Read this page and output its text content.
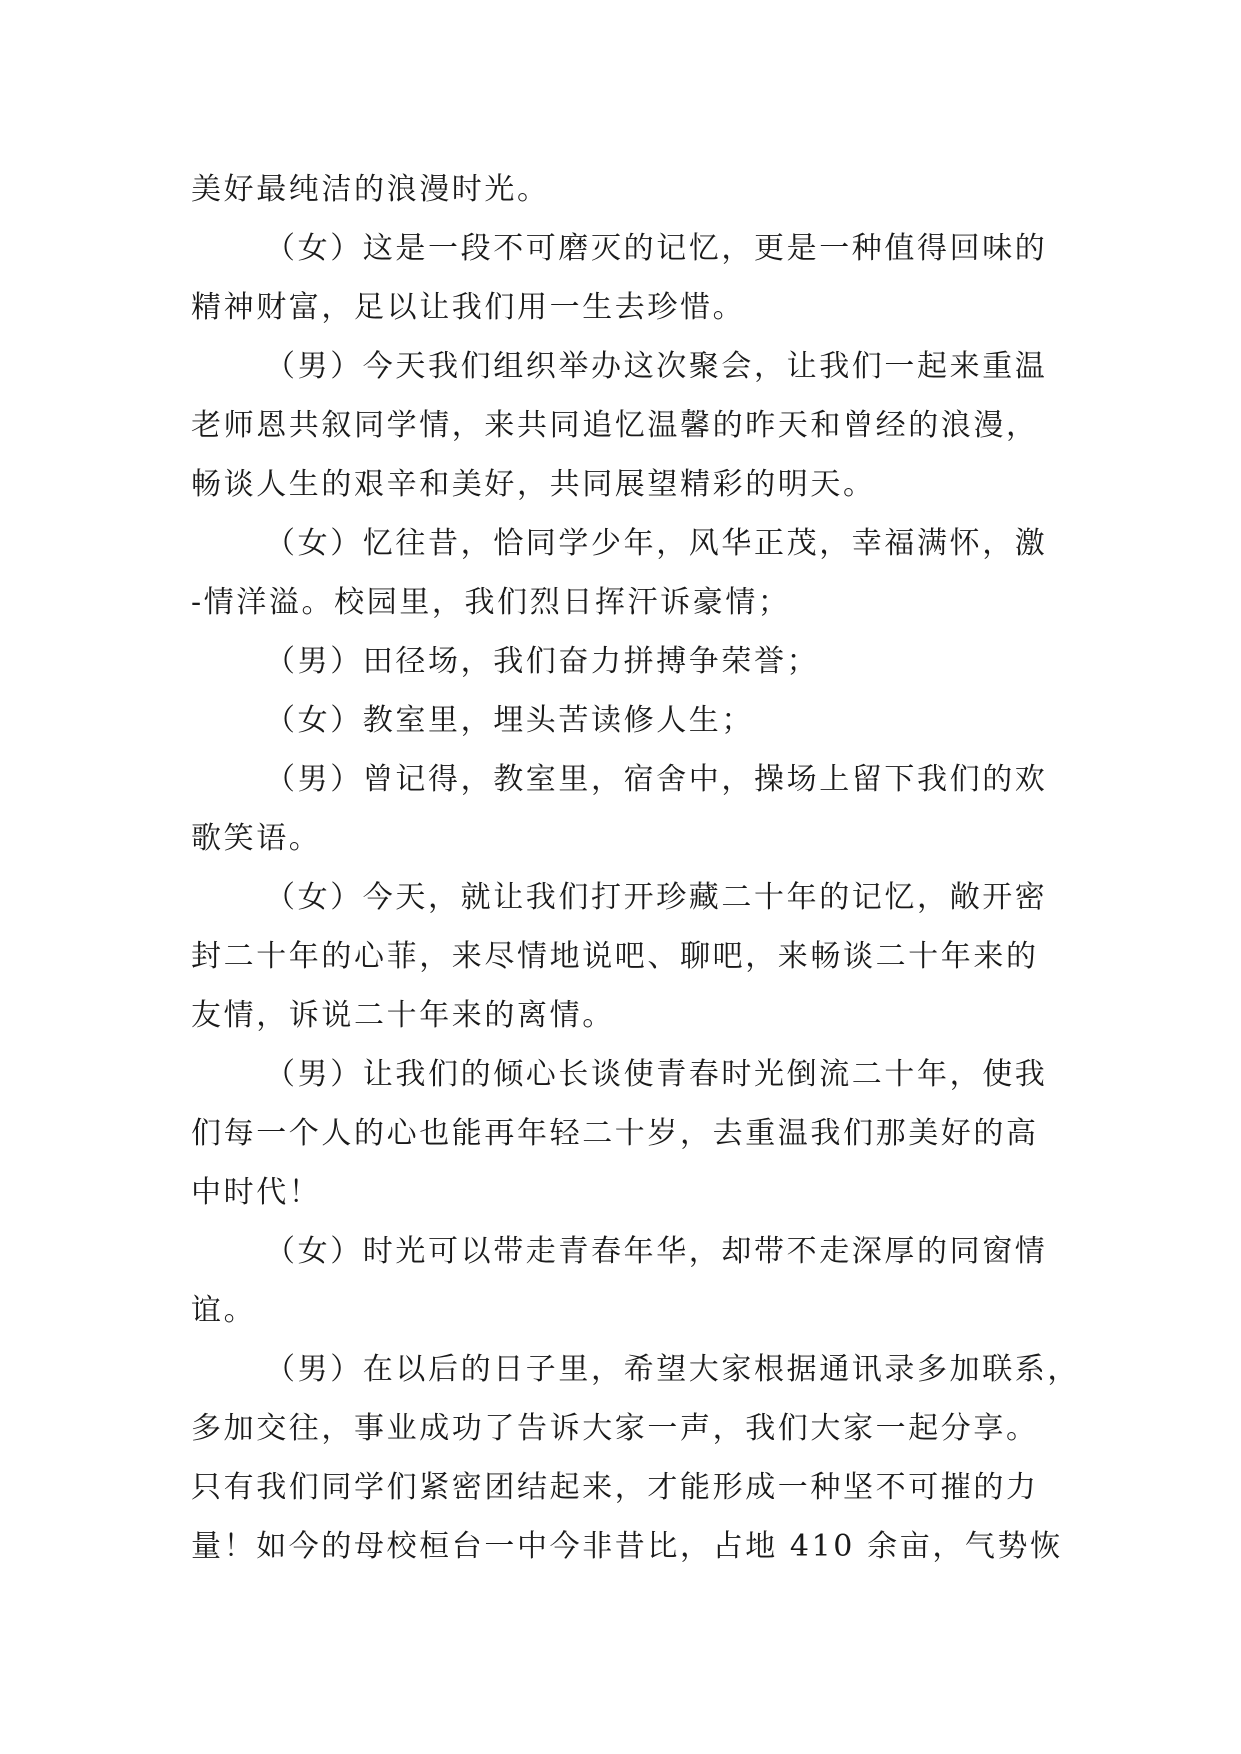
美好最纯洁的浪漫时光。
（女）这是一段不可磨灭的记忆，更是一种值得回味的
精神财富，足以让我们用一生去珍惜。
（男）今天我们组织举办这次聚会，让我们一起来重温
老师恩共叙同学情，来共同追忆温馨的昨天和曾经的浪漫，
畅谈人生的艰辛和美好，共同展望精彩的明天。
（女）忆往昔，恰同学少年，风华正茂，幸福满怀，激
-情洋溢。校园里，我们烈日挥汗诉豪情；
（男）田径场，我们奋力拼搏争荣誉；
（女）教室里，埋头苦读修人生；
（男）曾记得，教室里，宿舍中，操场上留下我们的欢
歌笑语。
（女）今天，就让我们打开珍藏二十年的记忆，敞开密
封二十年的心菲，来尽情地说吧、聊吧，来畅谈二十年来的
友情，诉说二十年来的离情。
（男）让我们的倾心长谈使青春时光倒流二十年，使我
们每一个人的心也能再年轻二十岁，去重温我们那美好的高
中时代！
（女）时光可以带走青春年华，却带不走深厚的同窗情
谊。
（男）在以后的日子里，希望大家根据通讯录多加联系，
多加交往，事业成功了告诉大家一声，我们大家一起分享。
只有我们同学们紧密团结起来，才能形成一种坚不可摧的力
量！如今的母校桓台一中今非昔比，占地 410 余亩，气势恢
